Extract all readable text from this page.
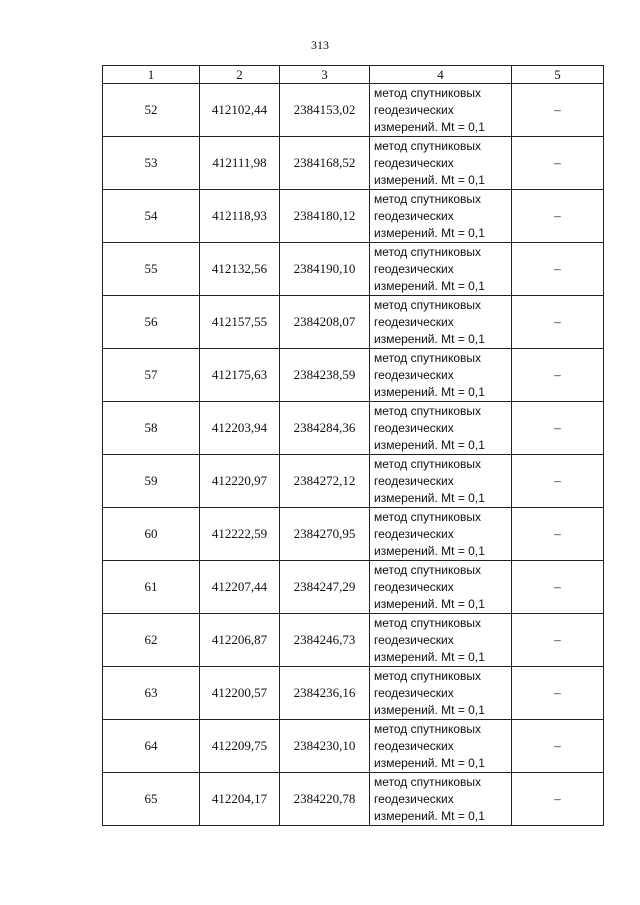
313
1	2	3	4	5
52	412102,44	2384153,02	метод спутниковых
геодезических
измерений. Mt = 0,1	–
53	412111,98	2384168,52	метод спутниковых
геодезических
измерений. Mt = 0,1	–
54	412118,93	2384180,12	метод спутниковых
геодезических
измерений. Mt = 0,1	–
55	412132,56	2384190,10	метод спутниковых
геодезических
измерений. Mt = 0,1	–
56	412157,55	2384208,07	метод спутниковых
геодезических
измерений. Mt = 0,1	–
57	412175,63	2384238,59	метод спутниковых
геодезических
измерений. Mt = 0,1	–
58	412203,94	2384284,36	метод спутниковых
геодезических
измерений. Mt = 0,1	–
59	412220,97	2384272,12	метод спутниковых
геодезических
измерений. Mt = 0,1	–
60	412222,59	2384270,95	метод спутниковых
геодезических
измерений. Mt = 0,1	–
61	412207,44	2384247,29	метод спутниковых
геодезических
измерений. Mt = 0,1	–
62	412206,87	2384246,73	метод спутниковых
геодезических
измерений. Mt = 0,1	–
63	412200,57	2384236,16	метод спутниковых
геодезических
измерений. Mt = 0,1	–
64	412209,75	2384230,10	метод спутниковых
геодезических
измерений. Mt = 0,1	–
65	412204,17	2384220,78	метод спутниковых
геодезических
измерений. Mt = 0,1	–
